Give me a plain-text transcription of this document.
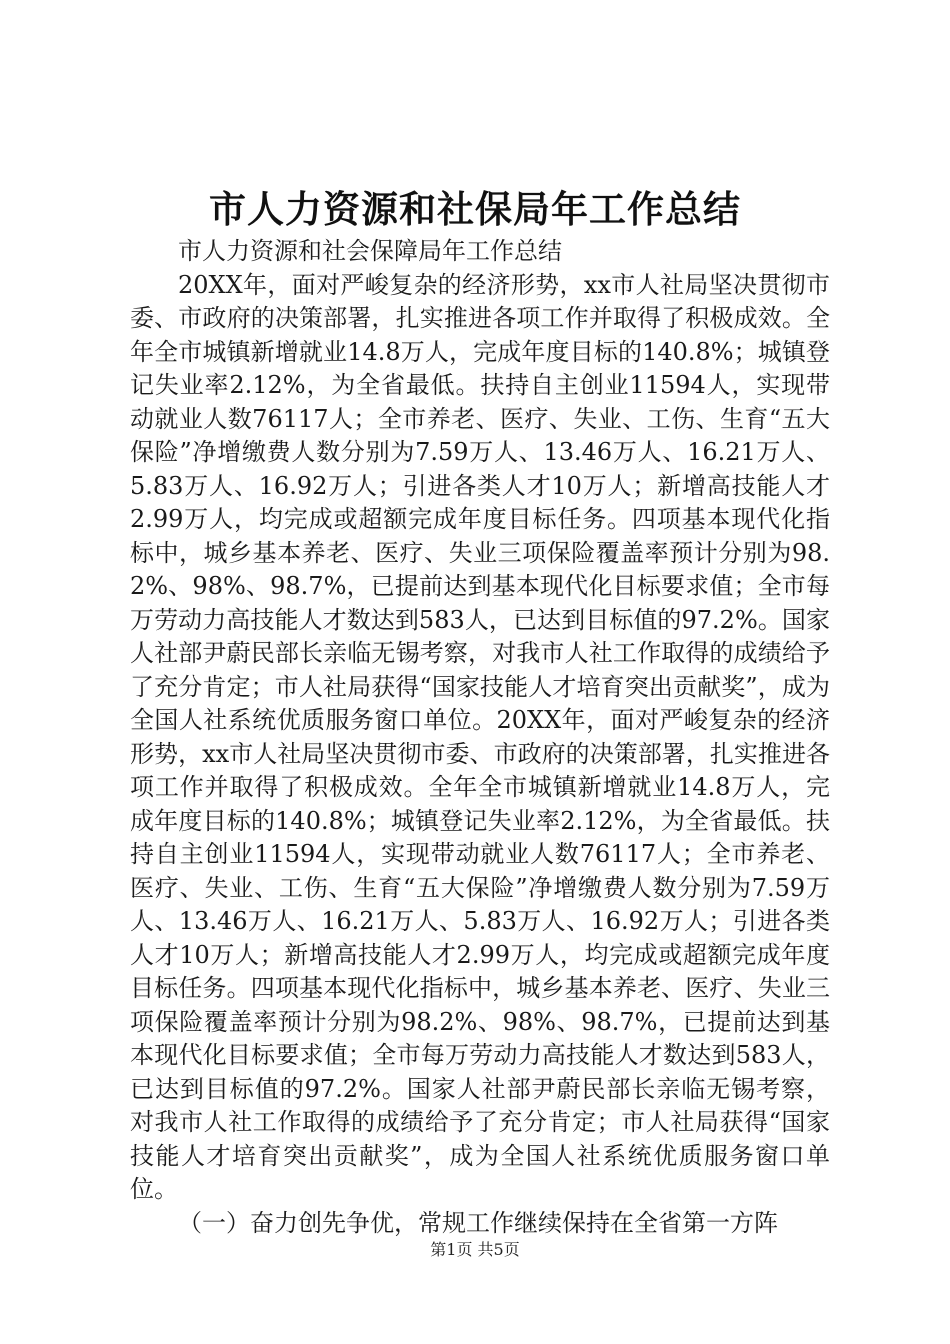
市人力资源和社保局年工作总结

市人力资源和社会保障局年工作总结

20XX年，面对严峻复杂的经济形势，xx市人社局坚决贯彻市委、市政府的决策部署，扎实推进各项工作并取得了积极成效。全年全市城镇新增就业14.8万人，完成年度目标的140.8%；城镇登记失业率2.12%，为全省最低。扶持自主创业11594人，实现带动就业人数76117人；全市养老、医疗、失业、工伤、生育“五大保险”净增缴费人数分别为7.59万人、13.46万人、16.21万人、5.83万人、16.92万人；引进各类人才10万人；新增高技能人才2.99万人，均完成或超额完成年度目标任务。四项基本现代化指标中，城乡基本养老、医疗、失业三项保险覆盖率预计分别为98.2%、98%、98.7%，已提前达到基本现代化目标要求值；全市每万劳动力高技能人才数达到583人，已达到目标值的97.2%。国家人社部尹蔚民部长亲临无锡考察，对我市人社工作取得的成绩给予了充分肯定；市人社局获得“国家技能人才培育突出贡献奖”，成为全国人社系统优质服务窗口单位。20XX年，面对严峻复杂的经济形势，xx市人社局坚决贯彻市委、市政府的决策部署，扎实推进各项工作并取得了积极成效。全年全市城镇新增就业14.8万人，完成年度目标的140.8%；城镇登记失业率2.12%，为全省最低。扶持自主创业11594人，实现带动就业人数76117人；全市养老、医疗、失业、工伤、生育“五大保险”净增缴费人数分别为7.59万人、13.46万人、16.21万人、5.83万人、16.92万人；引进各类人才10万人；新增高技能人才2.99万人，均完成或超额完成年度目标任务。四项基本现代化指标中，城乡基本养老、医疗、失业三项保险覆盖率预计分别为98.2%、98%、98.7%，已提前达到基本现代化目标要求值；全市每万劳动力高技能人才数达到583人，已达到目标值的97.2%。国家人社部尹蔚民部长亲临无锡考察，对我市人社工作取得的成绩给予了充分肯定；市人社局获得“国家技能人才培育突出贡献奖”，成为全国人社系统优质服务窗口单位。

（一）奋力创先争优，常规工作继续保持在全省第一方阵

第1页 共5页
